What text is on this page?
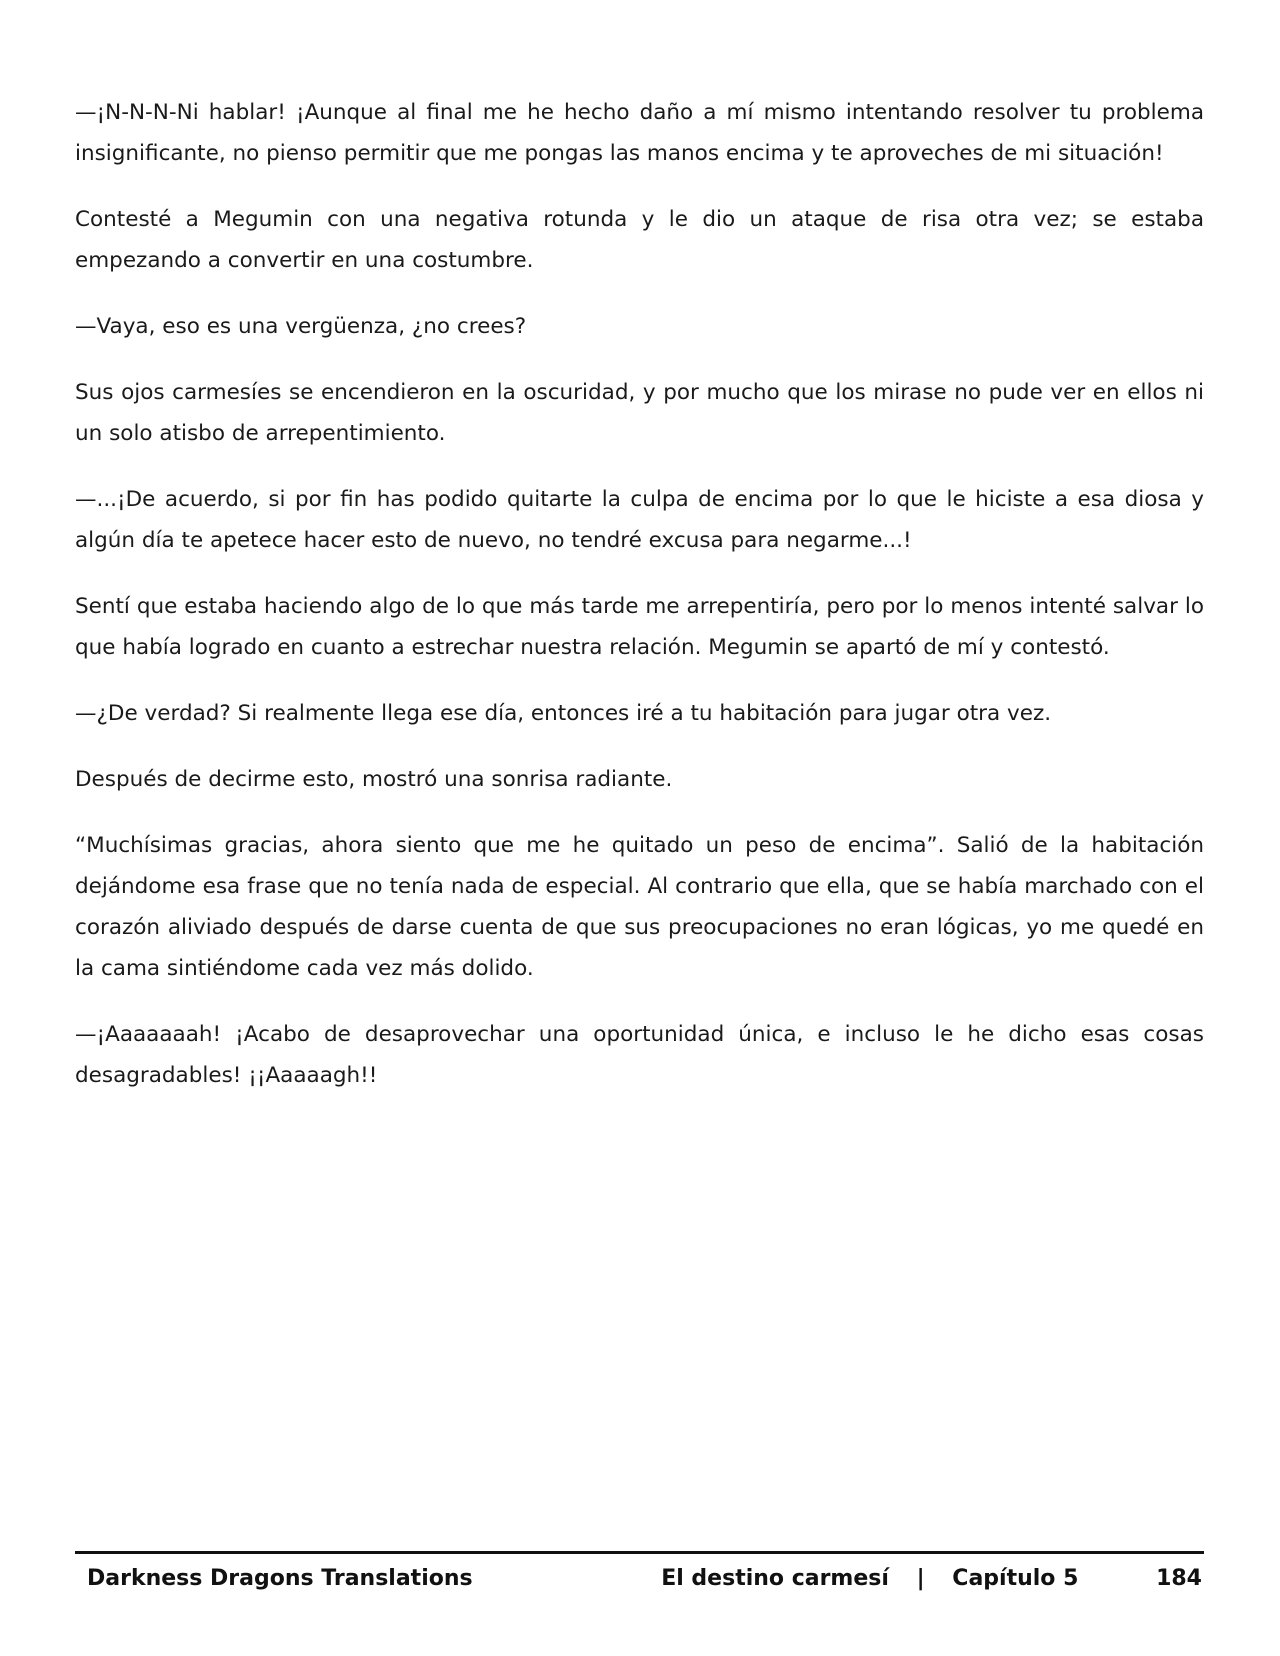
—¡N-N-N-Ni hablar! ¡Aunque al final me he hecho daño a mí mismo intentando resolver tu problema insignificante, no pienso permitir que me pongas las manos encima y te aproveches de mi situación!

Contesté a Megumin con una negativa rotunda y le dio un ataque de risa otra vez; se estaba empezando a convertir en una costumbre.

—Vaya, eso es una vergüenza, ¿no crees?

Sus ojos carmesíes se encendieron en la oscuridad, y por mucho que los mirase no pude ver en ellos ni un solo atisbo de arrepentimiento.

—...¡De acuerdo, si por fin has podido quitarte la culpa de encima por lo que le hiciste a esa diosa y algún día te apetece hacer esto de nuevo, no tendré excusa para negarme...!

Sentí que estaba haciendo algo de lo que más tarde me arrepentiría, pero por lo menos intenté salvar lo que había logrado en cuanto a estrechar nuestra relación. Megumin se apartó de mí y contestó.

—¿De verdad? Si realmente llega ese día, entonces iré a tu habitación para jugar otra vez.

Después de decirme esto, mostró una sonrisa radiante.

“Muchísimas gracias, ahora siento que me he quitado un peso de encima”. Salió de la habitación dejándome esa frase que no tenía nada de especial. Al contrario que ella, que se había marchado con el corazón aliviado después de darse cuenta de que sus preocupaciones no eran lógicas, yo me quedé en la cama sintiéndome cada vez más dolido.

—¡Aaaaaaah! ¡Acabo de desaprovechar una oportunidad única, e incluso le he dicho esas cosas desagradables! ¡¡Aaaaagh!!

Darkness Dragons Translations	El destino carmesí | Capítulo 5	184
